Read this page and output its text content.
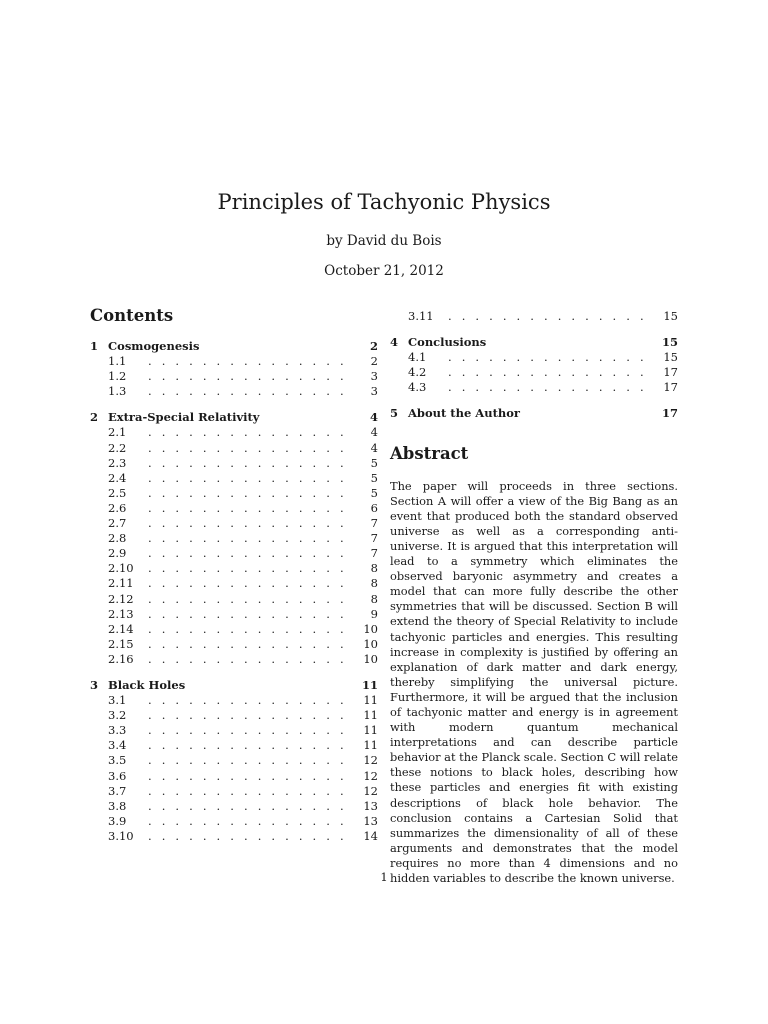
Principles of Tachyonic Physics
by David du Bois
October 21, 2012
Contents
1 Cosmogenesis	2
1.1 . . .	2
1.2 . . .	3
1.3 . . .	3
2 Extra-Special Relativity	4
2.1 . . .	4
2.2 . . .	4
2.3 . . .	5
2.4 . . .	5
2.5 . . .	5
2.6 . . .	6
2.7 . . .	7
2.8 . . .	7
2.9 . . .	7
2.10 . . .	8
2.11 . . .	8
2.12 . . .	8
2.13 . . .	9
2.14 . . .	10
2.15 . . .	10
2.16 . . .	10
3 Black Holes	11
3.1 . . .	11
3.2 . . .	11
3.3 . . .	11
3.4 . . .	11
3.5 . . .	12
3.6 . . .	12
3.7 . . .	12
3.8 . . .	13
3.9 . . .	13
3.10 . . .	14
3.11 . . .	15
4 Conclusions	15
4.1 . . .	15
4.2 . . .	17
4.3 . . .	17
5 About the Author	17
Abstract

The paper will proceeds in three sections. Section A will offer a view of the Big Bang as an event that produced both the standard observed universe as well as a corresponding anti-universe. It is argued that this interpretation will lead to a symmetry which eliminates the observed baryonic asymmetry and creates a model that can more fully describe the other symmetries that will be discussed. Section B will extend the theory of Special Relativity to include tachyonic particles and energies. This resulting increase in complexity is justified by offering an explanation of dark matter and dark energy, thereby simplifying the universal picture. Furthermore, it will be argued that the inclusion of tachyonic matter and energy is in agreement with modern quantum mechanical interpretations and can describe particle behavior at the Planck scale. Section C will relate these notions to black holes, describing how these particles and energies fit with existing descriptions of black hole behavior. The conclusion contains a Cartesian Solid that summarizes the dimensionality of all of these arguments and demonstrates that the model requires no more than 4 dimensions and no hidden variables to describe the known universe.

1
